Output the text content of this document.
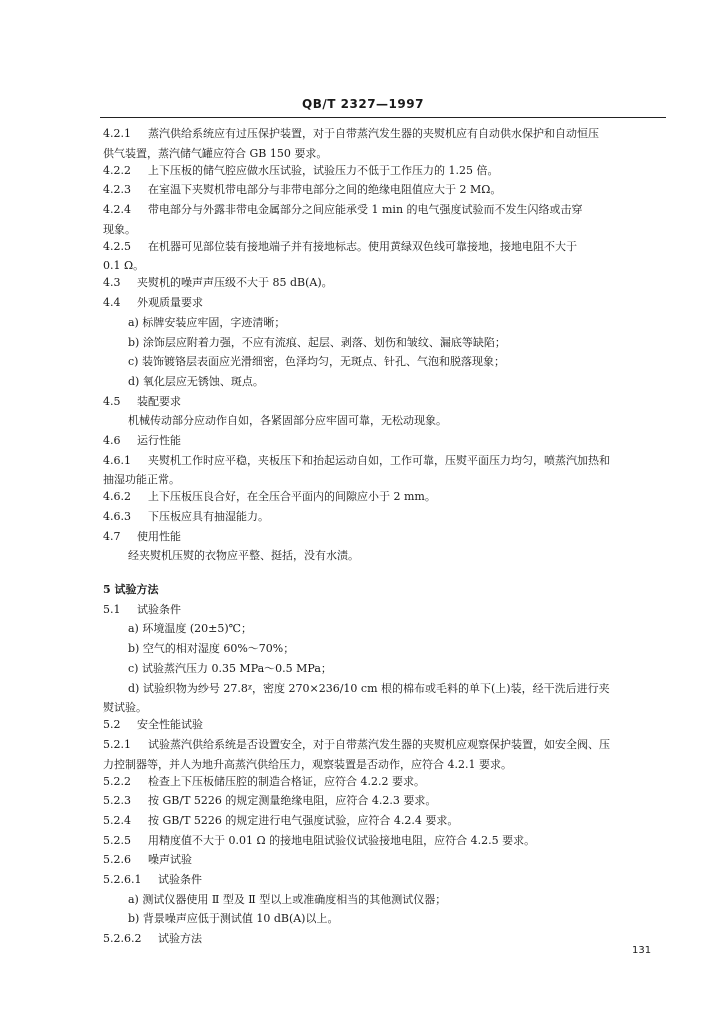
QB/T 2327—1997
4.2.1 蒸汽供给系统应有过压保护装置，对于自带蒸汽发生器的夹熨机应有自动供水保护和自动恒压
供气装置，蒸汽储气罐应符合 GB 150 要求。
4.2.2 上下压板的储气腔应做水压试验，试验压力不低于工作压力的 1.25 倍。
4.2.3 在室温下夹熨机带电部分与非带电部分之间的绝缘电阻值应大于 2 MΩ。
4.2.4 带电部分与外露非带电金属部分之间应能承受 1 min 的电气强度试验而不发生闪络或击穿
现象。
4.2.5 在机器可见部位装有接地端子并有接地标志。使用黄绿双色线可靠接地，接地电阻不大于
0.1 Ω。
4.3 夹熨机的噪声声压级不大于 85 dB(A)。
4.4 外观质量要求
a) 标牌安装应牢固，字迹清晰；
b) 涂饰层应附着力强，不应有流痕、起层、剥落、划伤和皱纹、漏底等缺陷；
c) 装饰镀铬层表面应光滑细密，色泽均匀，无斑点、针孔、气泡和脱落现象；
d) 氧化层应无锈蚀、斑点。
4.5 装配要求
机械传动部分应动作自如，各紧固部分应牢固可靠，无松动现象。
4.6 运行性能
4.6.1 夹熨机工作时应平稳，夹板压下和抬起运动自如，工作可靠，压熨平面压力均匀，喷蒸汽加热和
抽湿功能正常。
4.6.2 上下压板压良合好，在全压合平面内的间隙应小于 2 mm。
4.6.3 下压板应具有抽湿能力。
4.7 使用性能
经夹熨机压熨的衣物应平整、挺括，没有水渍。
5 试验方法
5.1 试验条件
a) 环境温度 (20±5)℃；
b) 空气的相对湿度 60%～70%；
c) 试验蒸汽压力 0.35 MPa～0.5 MPa；
d) 试验织物为纱号 27.8ᵡ，密度 270×236/10 cm 根的棉布或毛料的单下(上)装，经干洗后进行夹
熨试验。
5.2 安全性能试验
5.2.1 试验蒸汽供给系统是否设置安全，对于自带蒸汽发生器的夹熨机应观察保护装置，如安全阀、压
力控制器等，并人为地升高蒸汽供给压力，观察装置是否动作，应符合 4.2.1 要求。
5.2.2 检查上下压板储压腔的制造合格证，应符合 4.2.2 要求。
5.2.3 按 GB/T 5226 的规定测量绝缘电阻，应符合 4.2.3 要求。
5.2.4 按 GB/T 5226 的规定进行电气强度试验，应符合 4.2.4 要求。
5.2.5 用精度值不大于 0.01 Ω 的接地电阻试验仪试验接地电阻，应符合 4.2.5 要求。
5.2.6 噪声试验
5.2.6.1 试验条件
a) 测试仪器使用 Ⅱ 型及 Ⅱ 型以上或准确度相当的其他测试仪器；
b) 背景噪声应低于测试值 10 dB(A)以上。
5.2.6.2 试验方法
131
